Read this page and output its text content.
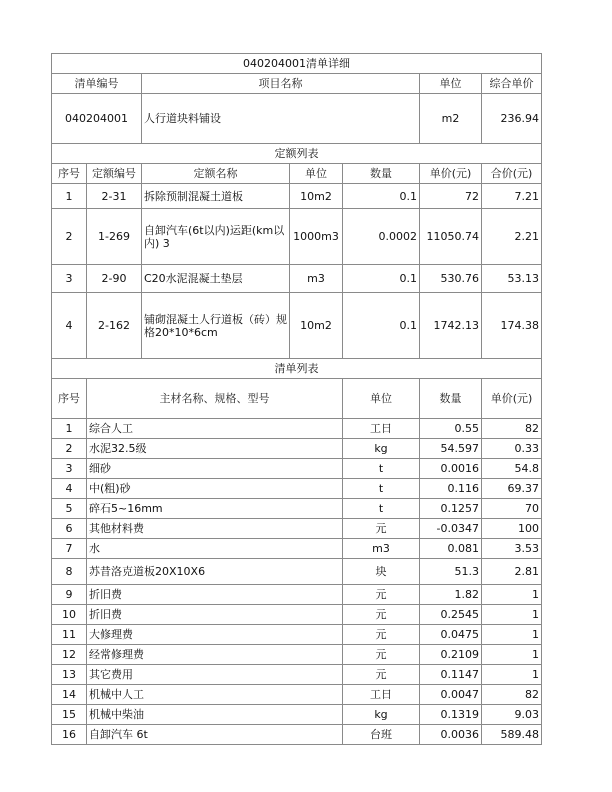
040204001清单详细							
清单编号		项目名称			单位	综合单价	
040204001		人行道块料铺设			m2	236.94	
定额列表							
序号	定额编号	定额名称	单位	数量	单价(元)	合价(元)	
1	2-31	拆除预制混凝土道板	10m2	0.1	72	7.21	
2	1-269	自卸汽车(6t以内)运距(km以内) 3	1000m3	0.0002	11050.74	2.21	
3	2-90	C20水泥混凝土垫层	m3	0.1	530.76	53.13	
4	2-162	铺砌混凝土人行道板（砖）规格20*10*6cm	10m2	0.1	1742.13	174.38	
清单列表							
序号	主材名称、规格、型号			单位	数量	单价(元)	
1	综合人工			工日	0.55	82	
2	水泥32.5级			kg	54.597	0.33	
3	细砂			t	0.0016	54.8	
4	中(粗)砂			t	0.116	69.37	
5	碎石5~16mm			t	0.1257	70	
6	其他材料费			元	-0.0347	100	
7	水			m3	0.081	3.53	
8	苏昔洛克道板20X10X6			块	51.3	2.81	
9	折旧费			元	1.82	1	
10	折旧费			元	0.2545	1	
11	大修理费			元	0.0475	1	
12	经常修理费			元	0.2109	1	
13	其它费用			元	0.1147	1	
14	机械中人工			工日	0.0047	82	
15	机械中柴油			kg	0.1319	9.03	
16	自卸汽车 6t			台班	0.0036	589.48	
